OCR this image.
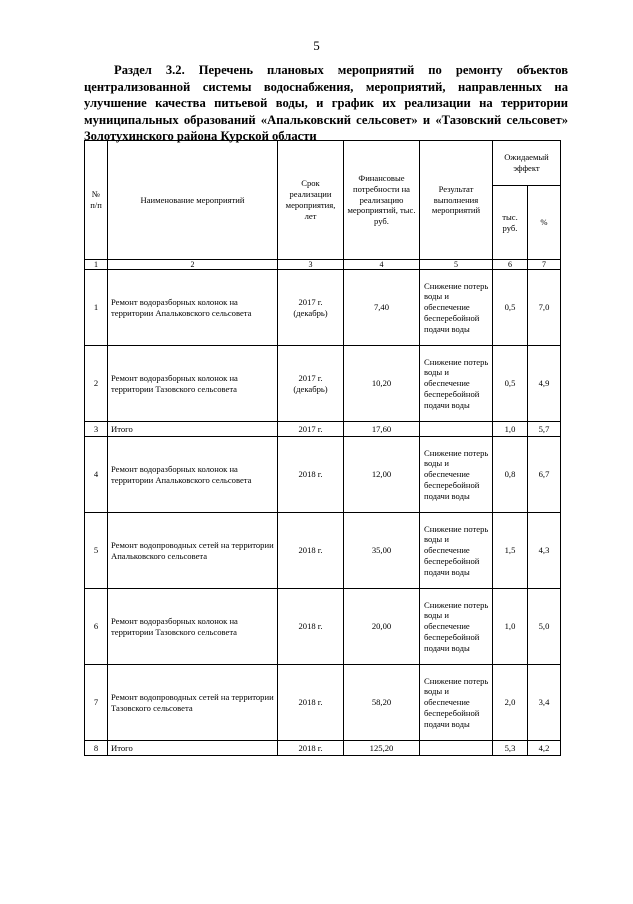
5
Раздел 3.2. Перечень плановых мероприятий по ремонту объектов централизованной системы водоснабжения, мероприятий, направленных на улучшение качества питьевой воды, и график их реализации на территории муниципальных образований «Апальковский сельсовет» и «Тазовский сельсовет» Золотухинского района Курской области
№ п/п	Наименование мероприятий	Срок реализации мероприятия, лет	Финансовые потребности на реализацию мероприятий, тыс. руб.	Результат выполнения мероприятий	Ожидаемый эффект	
					тыс. руб.	%
1	2	3	4	5	6	7
1	Ремонт водоразборных колонок на территории Апальковского сельсовета	2017 г. (декабрь)	7,40	Снижение потерь воды и обеспечение бесперебойной подачи воды	0,5	7,0
2	Ремонт водоразборных колонок на территории Тазовского сельсовета	2017 г. (декабрь)	10,20	Снижение потерь воды и обеспечение бесперебойной подачи воды	0,5	4,9
3	Итого	2017 г.	17,60		1,0	5,7
4	Ремонт водоразборных колонок на территории Апальковского сельсовета	2018 г.	12,00	Снижение потерь воды и обеспечение бесперебойной подачи воды	0,8	6,7
5	Ремонт водопроводных сетей на территории Апальковского сельсовета	2018 г.	35,00	Снижение потерь воды и обеспечение бесперебойной подачи воды	1,5	4,3
6	Ремонт водоразборных колонок на территории Тазовского сельсовета	2018 г.	20,00	Снижение потерь воды и обеспечение бесперебойной подачи воды	1,0	5,0
7	Ремонт водопроводных сетей на территории Тазовского сельсовета	2018 г.	58,20	Снижение потерь воды и обеспечение бесперебойной подачи воды	2,0	3,4
8	Итого	2018 г.	125,20		5,3	4,2
